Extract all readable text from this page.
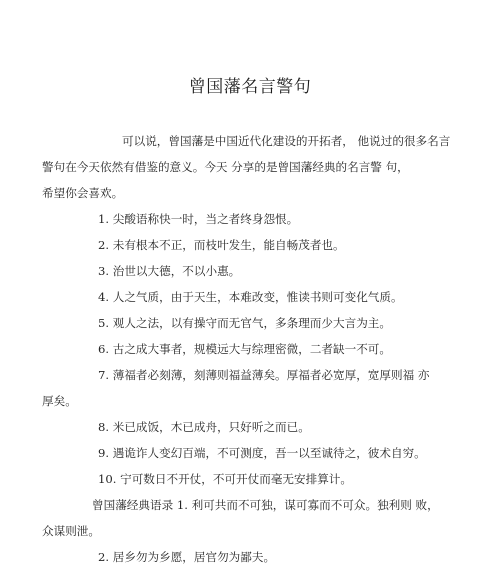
曾国藩名言警句

可以说，曾国藩是中国近代化建设的开拓者， 他说过的很多名言

警句在今天依然有借鉴的意义。今天 分享的是曾国藩经典的名言警 句，

希望你会喜欢。

1. 尖酸语称快一时，当之者终身怨恨。

2. 未有根本不正，而枝叶发生，能自畅茂者也。

3. 治世以大德，不以小惠。

4. 人之气质，由于天生，本难改变，惟读书则可变化气质。

5. 观人之法，以有操守而无官气，多条理而少大言为主。

6. 古之成大事者，规模远大与综理密微，二者缺一不可。

7. 薄福者必刻薄，刻薄则福益薄矣。厚福者必宽厚，宽厚则福 亦

厚矣。

8. 米已成饭，木已成舟，只好听之而已。

9. 遇诡诈人变幻百端，不可测度，吾一以至诚待之，彼术自穷。

10. 宁可数日不开仗，不可开仗而毫无安排算计。

曾国藩经典语录 1. 利可共而不可独，谋可寡而不可众。独利则 败，

众谋则泄。

2. 居乡勿为乡愿，居官勿为鄙夫。
